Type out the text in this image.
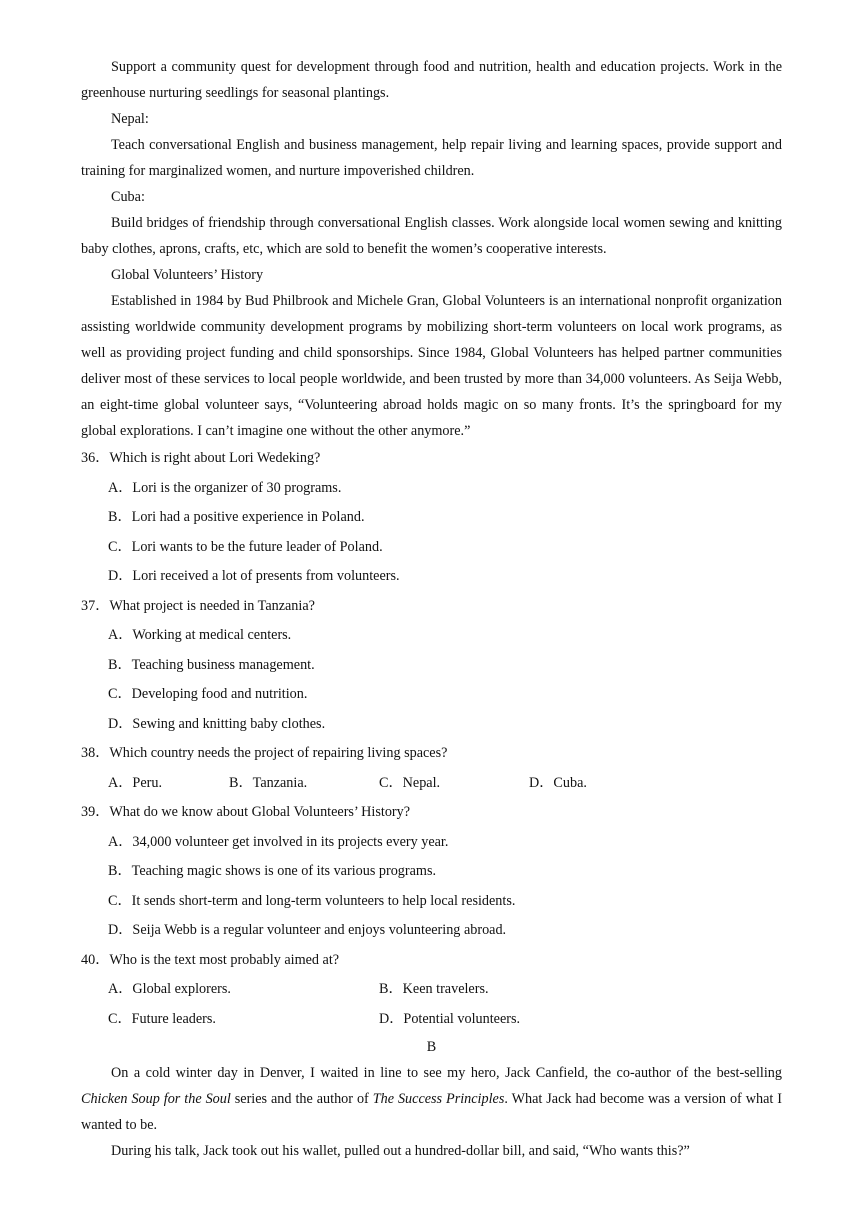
Support a community quest for development through food and nutrition, health and education projects. Work in the greenhouse nurturing seedlings for seasonal plantings.

Nepal:

Teach conversational English and business management, help repair living and learning spaces, provide support and training for marginalized women, and nurture impoverished children.

Cuba:

Build bridges of friendship through conversational English classes. Work alongside local women sewing and knitting baby clothes, aprons, crafts, etc, which are sold to benefit the women’s cooperative interests.

Global Volunteers’ History

Established in 1984 by Bud Philbrook and Michele Gran, Global Volunteers is an international nonprofit organization assisting worldwide community development programs by mobilizing short-term volunteers on local work programs, as well as providing project funding and child sponsorships. Since 1984, Global Volunteers has helped partner communities deliver most of these services to local people worldwide, and been trusted by more than 34,000 volunteers. As Seija Webb, an eight-time global volunteer says, “Volunteering abroad holds magic on so many fronts. It’s the springboard for my global explorations. I can’t imagine one without the other anymore.”

36．Which is right about Lori Wedeking?

A．Lori is the organizer of 30 programs.

B．Lori had a positive experience in Poland.

C．Lori wants to be the future leader of Poland.

D．Lori received a lot of presents from volunteers.

37．What project is needed in Tanzania?

A．Working at medical centers.

B．Teaching business management.

C．Developing food and nutrition.

D．Sewing and knitting baby clothes.

38．Which country needs the project of repairing living spaces?

A．Peru.	B．Tanzania.	C．Nepal.	D．Cuba.

39．What do we know about Global Volunteers’ History?

A．34,000 volunteer get involved in its projects every year.

B．Teaching magic shows is one of its various programs.

C．It sends short-term and long-term volunteers to help local residents.

D．Seija Webb is a regular volunteer and enjoys volunteering abroad.

40．Who is the text most probably aimed at?

A．Global explorers.	B．Keen travelers.
C．Future leaders.	D．Potential volunteers.

B

On a cold winter day in Denver, I waited in line to see my hero, Jack Canfield, the co-author of the best-selling Chicken Soup for the Soul series and the author of The Success Principles. What Jack had become was a version of what I wanted to be.

During his talk, Jack took out his wallet, pulled out a hundred-dollar bill, and said, “Who wants this?”
